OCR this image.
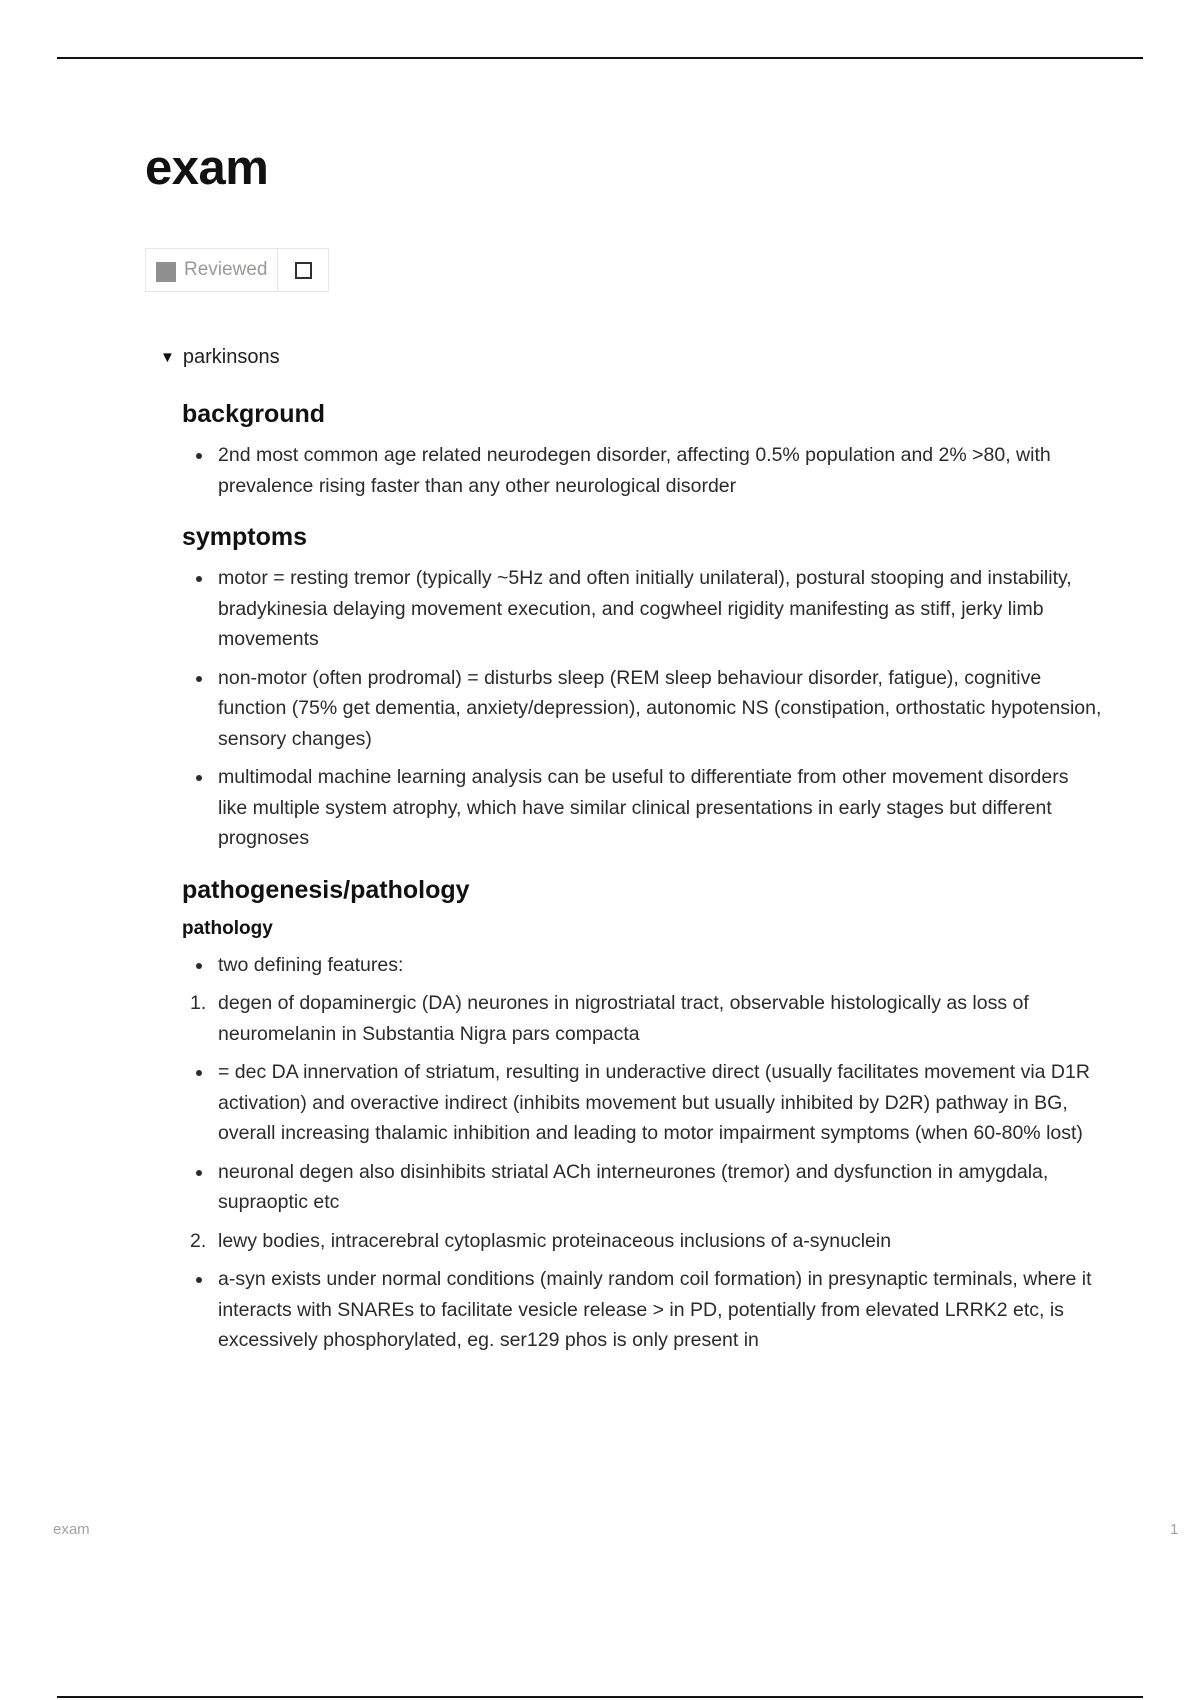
exam
Reviewed
▼ parkinsons
background
2nd most common age related neurodegen disorder, affecting 0.5% population and 2% >80, with prevalence rising faster than any other neurological disorder
symptoms
motor = resting tremor (typically ~5Hz and often initially unilateral), postural stooping and instability, bradykinesia delaying movement execution, and cogwheel rigidity manifesting as stiff, jerky limb movements
non-motor (often prodromal) = disturbs sleep (REM sleep behaviour disorder, fatigue), cognitive function (75% get dementia, anxiety/depression), autonomic NS (constipation, orthostatic hypotension, sensory changes)
multimodal machine learning analysis can be useful to differentiate from other movement disorders like multiple system atrophy, which have similar clinical presentations in early stages but different prognoses
pathogenesis/pathology
pathology
two defining features:
1. degen of dopaminergic (DA) neurones in nigrostriatal tract, observable histologically as loss of neuromelanin in Substantia Nigra pars compacta
= dec DA innervation of striatum, resulting in underactive direct (usually facilitates movement via D1R activation) and overactive indirect (inhibits movement but usually inhibited by D2R) pathway in BG, overall increasing thalamic inhibition and leading to motor impairment symptoms (when 60-80% lost)
neuronal degen also disinhibits striatal ACh interneurones (tremor) and dysfunction in amygdala, supraoptic etc
2. lewy bodies, intracerebral cytoplasmic proteinaceous inclusions of a-synuclein
a-syn exists under normal conditions (mainly random coil formation) in presynaptic terminals, where it interacts with SNAREs to facilitate vesicle release > in PD, potentially from elevated LRRK2 etc, is excessively phosphorylated, eg. ser129 phos is only present in
exam	1
